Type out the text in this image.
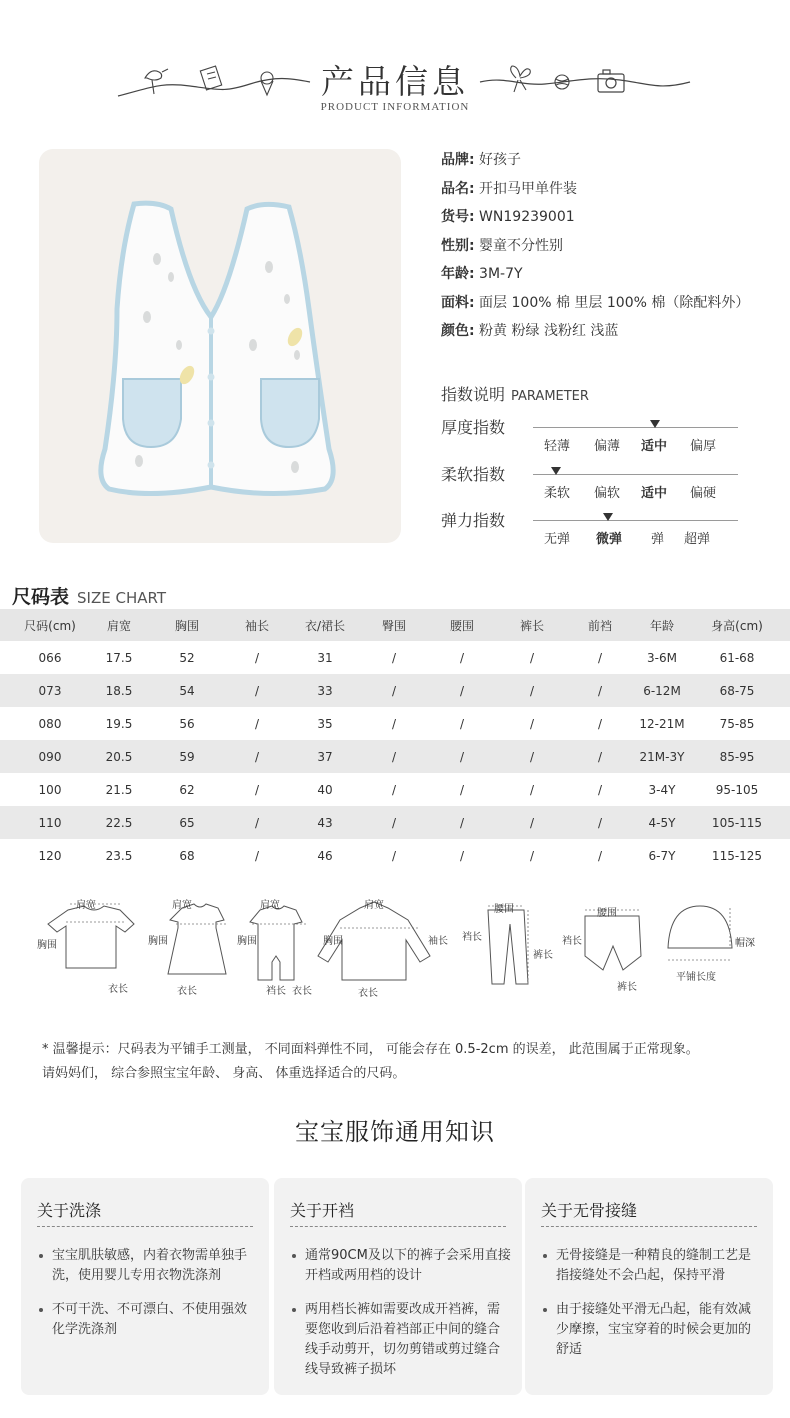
产品信息
PRODUCT INFORMATION
品牌: 好孩子
品名: 开扣马甲单件装
货号: WN19239001
性别: 婴童不分性别
年龄: 3M-7Y
面料: 面层 100% 棉 里层 100% 棉（除配料外）
颜色: 粉黄 粉绿 浅粉红 浅蓝
指数说明 PARAMETER
厚度指数
轻薄 偏薄 适中 偏厚
柔软指数
柔软 偏软 适中 偏硬
弹力指数
无弹 微弹 弹 超弹
尺码表 SIZE CHART
尺码(cm)	肩宽	胸围	袖长	衣/裙长	臀围	腰围	裤长	前裆	年龄	身高(cm)
066	17.5	52	/	31	/	/	/	/	3-6M	61-68
073	18.5	54	/	33	/	/	/	/	6-12M	68-75
080	19.5	56	/	35	/	/	/	/	12-21M	75-85
090	20.5	59	/	37	/	/	/	/	21M-3Y	85-95
100	21.5	62	/	40	/	/	/	/	3-4Y	95-105
110	22.5	65	/	43	/	/	/	/	4-5Y	105-115
120	23.5	68	/	46	/	/	/	/	6-7Y	115-125
肩宽
胸围
衣长
肩宽
胸围
衣长
肩宽
胸围
裆长 衣长
肩宽
胸围	袖长
衣长
腰围
裆长
裤长
腰围
裆长
裤长
帽深
平铺长度
* 温馨提示：尺码表为平铺手工测量， 不同面料弹性不同， 可能会存在 0.5-2cm 的误差， 此范围属于正常现象。
请妈妈们， 综合参照宝宝年龄、 身高、 体重选择适合的尺码。
宝宝服饰通用知识
关于洗涤
宝宝肌肤敏感，内着衣物需单独手洗，使用婴儿专用衣物洗涤剂
不可干洗、不可漂白、不使用强效化学洗涤剂
关于开裆
通常90CM及以下的裤子会采用直接开档或两用档的设计
两用档长裤如需要改成开裆裤，需要您收到后沿着裆部正中间的缝合线手动剪开，切勿剪错或剪过缝合线导致裤子损坏
关于无骨接缝
无骨接缝是一种精良的缝制工艺是指接缝处不会凸起，保持平滑
由于接缝处平滑无凸起，能有效减少摩擦，宝宝穿着的时候会更加的舒适
